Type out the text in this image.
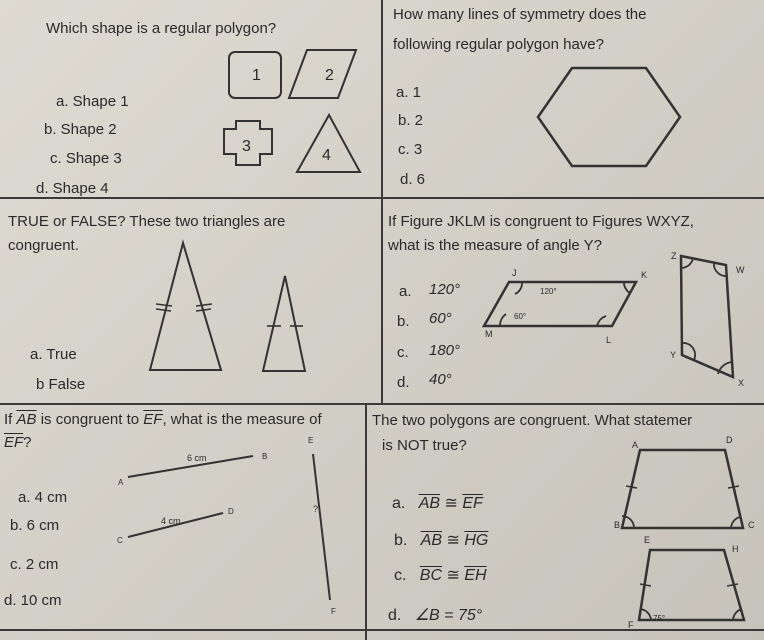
Which shape is a regular polygon?
a. Shape 1
b. Shape 2
c. Shape 3
d. Shape 4
1	2
3
4
How many lines of symmetry does the
following regular polygon have?
a. 1
b. 2
c. 3
d. 6
TRUE or FALSE? These two triangles are
congruent.
a. True
b False
If Figure JKLM is congruent to Figures WXYZ,
what is the measure of angle Y?
a. 120°
b. 60°
c. 180°
d. 40°
J	K
L
M
120°
60°
Z
W
Y
X
If $\overline{AB}$ is congruent to $\overline{EF}$, what is the measure of
$\overline{EF}$?
a. 4 cm
b. 6 cm
c. 2 cm
d. 10 cm
6 cm	B
A
4 cm
D
C
E
F
?
The two polygons are congruent. What statemer
is NOT true?
a. $\overline{AB}$ ≅ $\overline{EF}$
b. $\overline{AB}$ ≅ $\overline{HG}$
c. $\overline{BC}$ ≅ $\overline{EH}$
d. ∠B = 75°
A	D
B	C
E
H
F
75°
